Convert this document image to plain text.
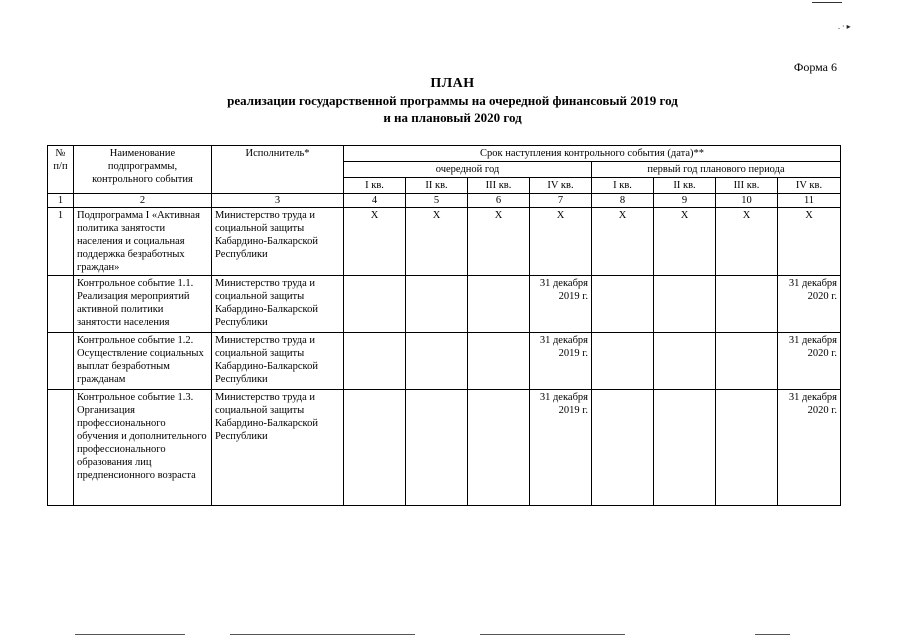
. · ▸
Форма 6
ПЛАН
реализации государственной программы на очередной финансовый 2019 год
и на плановый 2020 год
№ п/п	Наименование подпрограммы, контрольного события	Исполнитель*	Срок наступления контрольного события (дата)**							
			очередной год				первый год планового периода			
			I кв.	II кв.	III кв.	IV кв.	I кв.	II кв.	III кв.	IV кв.
1	2	3	4	5	6	7	8	9	10	11
1	Подпрограмма I «Активная политика занятости населения и социальная поддержка безработных граждан»	Министерство труда и социальной защиты Кабардино-Балкарской Республики	X	X	X	X	X	X	X	X
	Контрольное событие 1.1. Реализация мероприятий активной политики занятости населения	Министерство труда и социальной защиты Кабардино-Балкарской Республики				31 декабря 2019 г.				31 декабря 2020 г.
	Контрольное событие 1.2. Осуществление социальных выплат безработным гражданам	Министерство труда и социальной защиты Кабардино-Балкарской Республики				31 декабря 2019 г.				31 декабря 2020 г.
	Контрольное событие 1.3. Организация профессионального обучения и дополнительного профессионального образования лиц предпенсионного возраста	Министерство труда и социальной защиты Кабардино-Балкарской Республики				31 декабря 2019 г.				31 декабря 2020 г.
